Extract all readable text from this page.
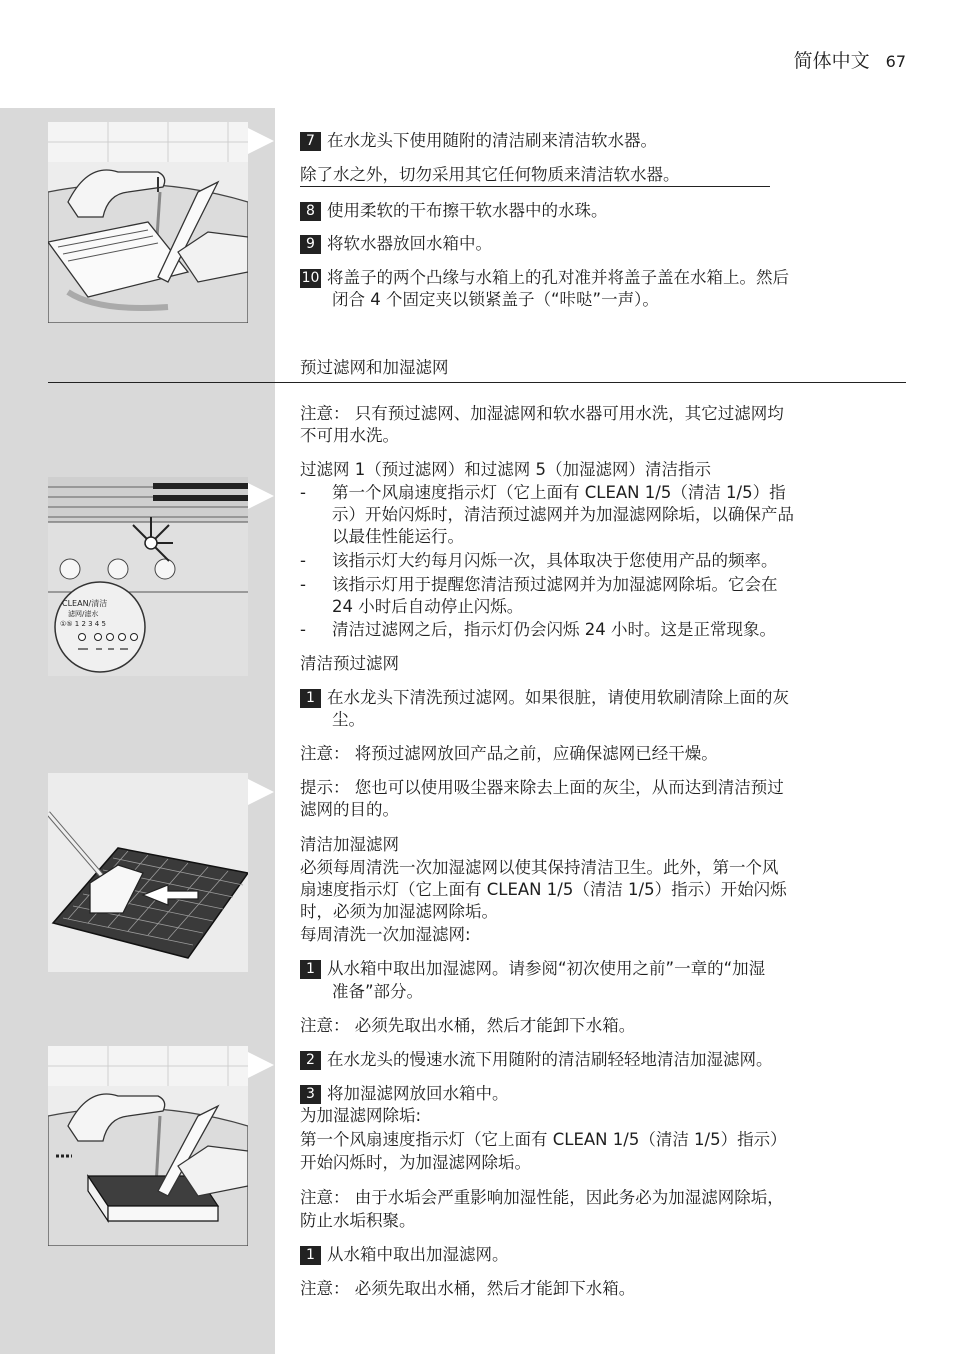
简体中文 67
7 在水龙头下使用随附的清洁刷来清洁软水器。
除了水之外，切勿采用其它任何物质来清洁软水器。
8 使用柔软的干布擦干软水器中的水珠。
9 将软水器放回水箱中。
10 将盖子的两个凸缘与水箱上的孔对准并将盖子盖在水箱上。然后
闭合 4 个固定夹以锁紧盖子（“咔哒”一声）。
预过滤网和加湿滤网
注意： 只有预过滤网、加湿滤网和软水器可用水洗，其它过滤网均
不可用水洗。
CLEAN/清洁
滤网/滤水
①⑤ 1 2 3 4 5
过滤网 1（预过滤网）和过滤网 5（加湿滤网）清洁指示
- 第一个风扇速度指示灯（它上面有 CLEAN 1/5（清洁 1/5）指
示）开始闪烁时，清洁预过滤网并为加湿滤网除垢，以确保产品
以最佳性能运行。
- 该指示灯大约每月闪烁一次，具体取决于您使用产品的频率。
- 该指示灯用于提醒您清洁预过滤网并为加湿滤网除垢。它会在
24 小时后自动停止闪烁。
- 清洁过滤网之后，指示灯仍会闪烁 24 小时。这是正常现象。
清洁预过滤网
1 在水龙头下清洗预过滤网。如果很脏，请使用软刷清除上面的灰
尘。
注意： 将预过滤网放回产品之前，应确保滤网已经干燥。
提示： 您也可以使用吸尘器来除去上面的灰尘，从而达到清洁预过
滤网的目的。
清洁加湿滤网
必须每周清洗一次加湿滤网以使其保持清洁卫生。此外，第一个风
扇速度指示灯（它上面有 CLEAN 1/5（清洁 1/5）指示）开始闪烁
时，必须为加湿滤网除垢。
每周清洗一次加湿滤网:
1 从水箱中取出加湿滤网。请参阅“初次使用之前”一章的“加湿
准备”部分。
注意： 必须先取出水桶，然后才能卸下水箱。
2 在水龙头的慢速水流下用随附的清洁刷轻轻地清洁加湿滤网。
3 将加湿滤网放回水箱中。
为加湿滤网除垢:
第一个风扇速度指示灯（它上面有 CLEAN 1/5（清洁 1/5）指示）
开始闪烁时，为加湿滤网除垢。
注意： 由于水垢会严重影响加湿性能，因此务必为加湿滤网除垢，
防止水垢积聚。
1 从水箱中取出加湿滤网。
注意： 必须先取出水桶，然后才能卸下水箱。
